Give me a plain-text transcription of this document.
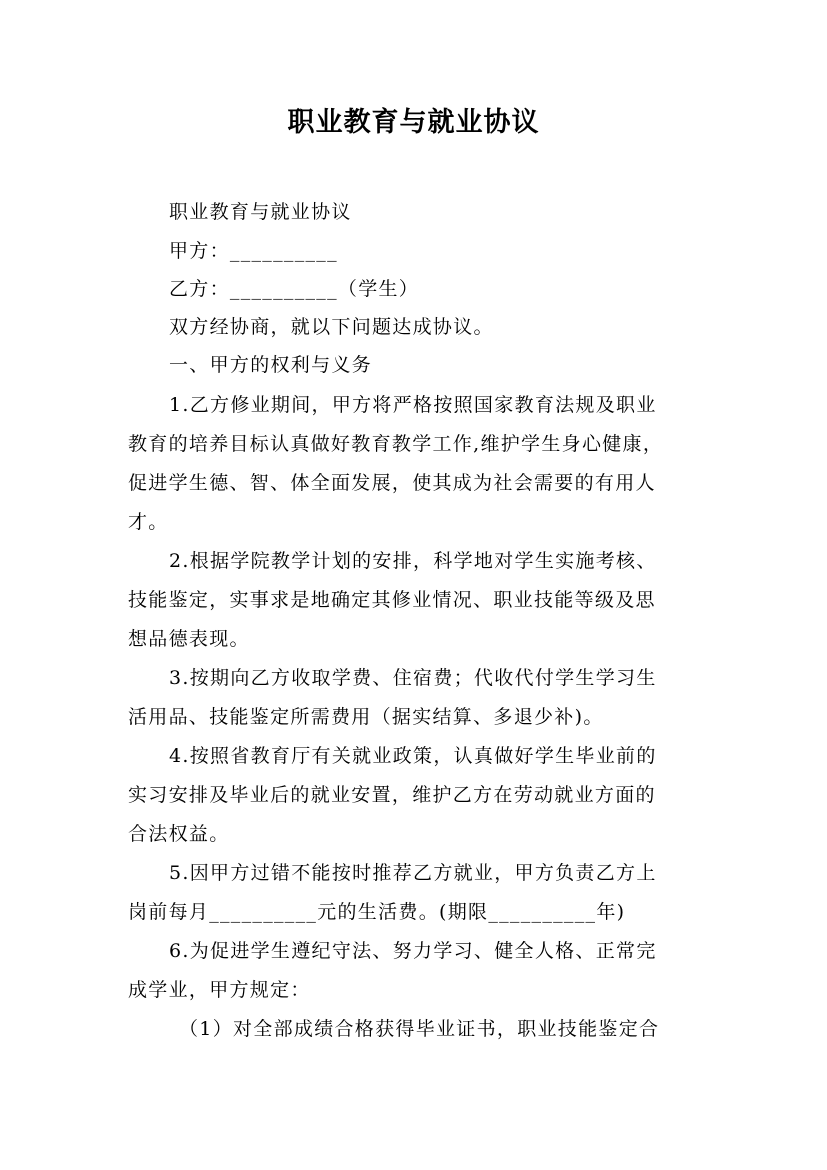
职业教育与就业协议
职业教育与就业协议
甲方：__________
乙方：__________（学生）
双方经协商，就以下问题达成协议。
一、甲方的权利与义务
1.乙方修业期间，甲方将严格按照国家教育法规及职业
教育的培养目标认真做好教育教学工作,维护学生身心健康，
促进学生德、智、体全面发展，使其成为社会需要的有用人
才。
2.根据学院教学计划的安排，科学地对学生实施考核、
技能鉴定，实事求是地确定其修业情况、职业技能等级及思
想品德表现。
3.按期向乙方收取学费、住宿费；代收代付学生学习生
活用品、技能鉴定所需费用（据实结算、多退少补)。
4.按照省教育厅有关就业政策，认真做好学生毕业前的
实习安排及毕业后的就业安置，维护乙方在劳动就业方面的
合法权益。
5.因甲方过错不能按时推荐乙方就业，甲方负责乙方上
岗前每月__________元的生活费。(期限__________年)
6.为促进学生遵纪守法、努力学习、健全人格、正常完
成学业，甲方规定：
（1）对全部成绩合格获得毕业证书，职业技能鉴定合
